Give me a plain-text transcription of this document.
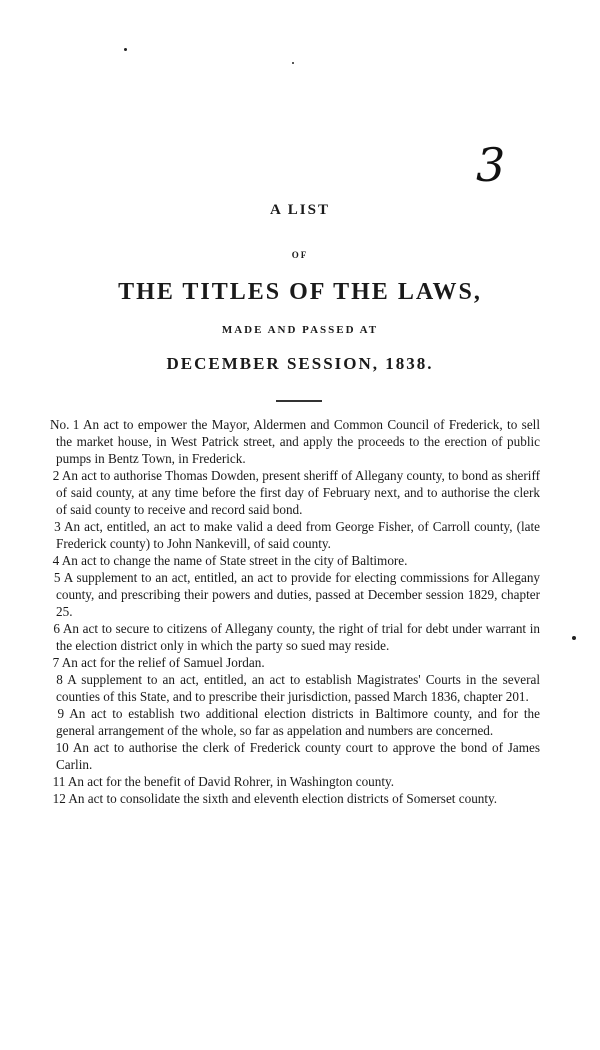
3
A LIST
OF
THE TITLES OF THE LAWS,
MADE AND PASSED AT
DECEMBER SESSION, 1838.

No. 1 An act to empower the Mayor, Aldermen and Common Council of Frederick, to sell the market house, in West Patrick street, and apply the proceeds to the erection of public pumps in Bentz Town, in Frederick.

2 An act to authorise Thomas Dowden, present sheriff of Allegany county, to bond as sheriff of said county, at any time before the first day of February next, and to authorise the clerk of said county to receive and record said bond.

3 An act, entitled, an act to make valid a deed from George Fisher, of Carroll county, (late Frederick county) to John Nankevill, of said county.

4 An act to change the name of State street in the city of Baltimore.

5 A supplement to an act, entitled, an act to provide for electing commissions for Allegany county, and prescribing their powers and duties, passed at December session 1829, chapter 25.

6 An act to secure to citizens of Allegany county, the right of trial for debt under warrant in the election district only in which the party so sued may reside.

7 An act for the relief of Samuel Jordan.

8 A supplement to an act, entitled, an act to establish Magistrates' Courts in the several counties of this State, and to prescribe their jurisdiction, passed March 1836, chapter 201.

9 An act to establish two additional election districts in Baltimore county, and for the general arrangement of the whole, so far as appelation and numbers are concerned.

10 An act to authorise the clerk of Frederick county court to approve the bond of James Carlin.

11 An act for the benefit of David Rohrer, in Washington county.

12 An act to consolidate the sixth and eleventh election districts of Somerset county.
